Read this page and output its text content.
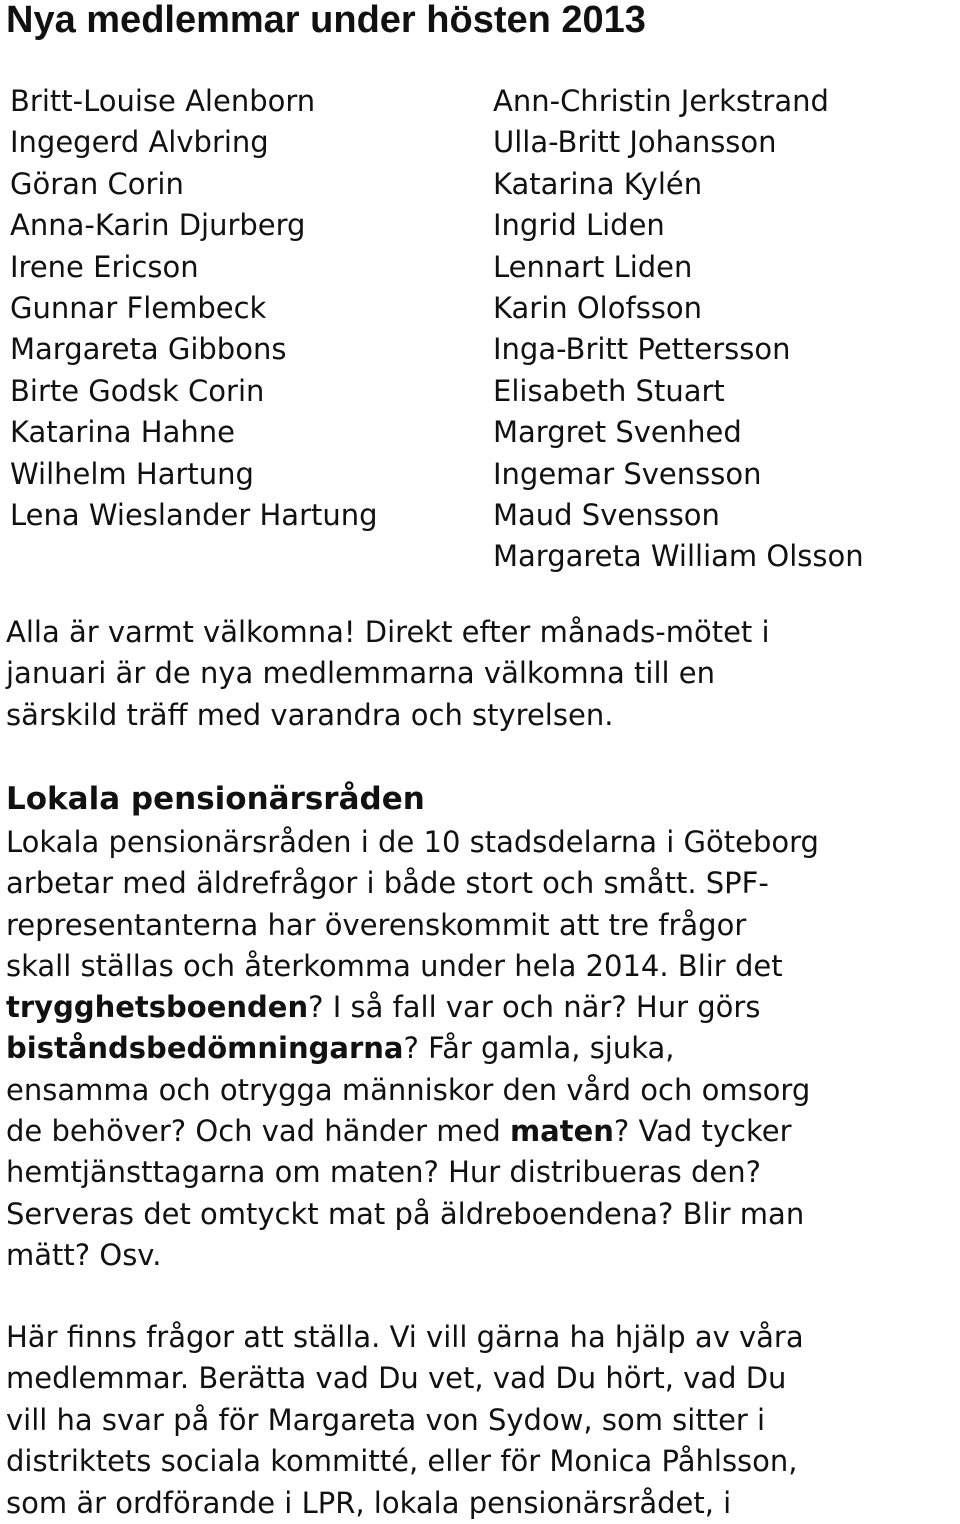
Nya medlemmar under hösten 2013
Britt-Louise Alenborn
Ingegerd Alvbring
Göran Corin
Anna-Karin Djurberg
Irene Ericson
Gunnar Flembeck
Margareta Gibbons
Birte Godsk Corin
Katarina Hahne
Wilhelm Hartung
Lena Wieslander Hartung
Ann-Christin Jerkstrand
Ulla-Britt Johansson
Katarina Kylén
Ingrid Liden
Lennart Liden
Karin Olofsson
Inga-Britt Pettersson
Elisabeth Stuart
Margret Svenhed
Ingemar Svensson
Maud Svensson
Margareta William Olsson

Alla är varmt välkomna! Direkt efter månads-mötet i
januari är de nya medlemmarna välkomna till en
särskild träff med varandra och styrelsen.

Lokala pensionärsråden

Lokala pensionärsråden i de 10 stadsdelarna i Göteborg
arbetar med äldrefrågor i både stort och smått. SPF-
representanterna har överenskommit att tre frågor
skall ställas och återkomma under hela 2014. Blir det
trygghetsboenden? I så fall var och när? Hur görs
biståndsbedömningarna? Får gamla, sjuka,
ensamma och otrygga människor den vård och omsorg
de behöver? Och vad händer med maten? Vad tycker
hemtjänsttagarna om maten? Hur distribueras den?
Serveras det omtyckt mat på äldreboendena? Blir man
mätt? Osv.

Här finns frågor att ställa. Vi vill gärna ha hjälp av våra
medlemmar. Berätta vad Du vet, vad Du hört, vad Du
vill ha svar på för Margareta von Sydow, som sitter i
distriktets sociala kommitté, eller för Monica Påhlsson,
som är ordförande i LPR, lokala pensionärsrådet, i
